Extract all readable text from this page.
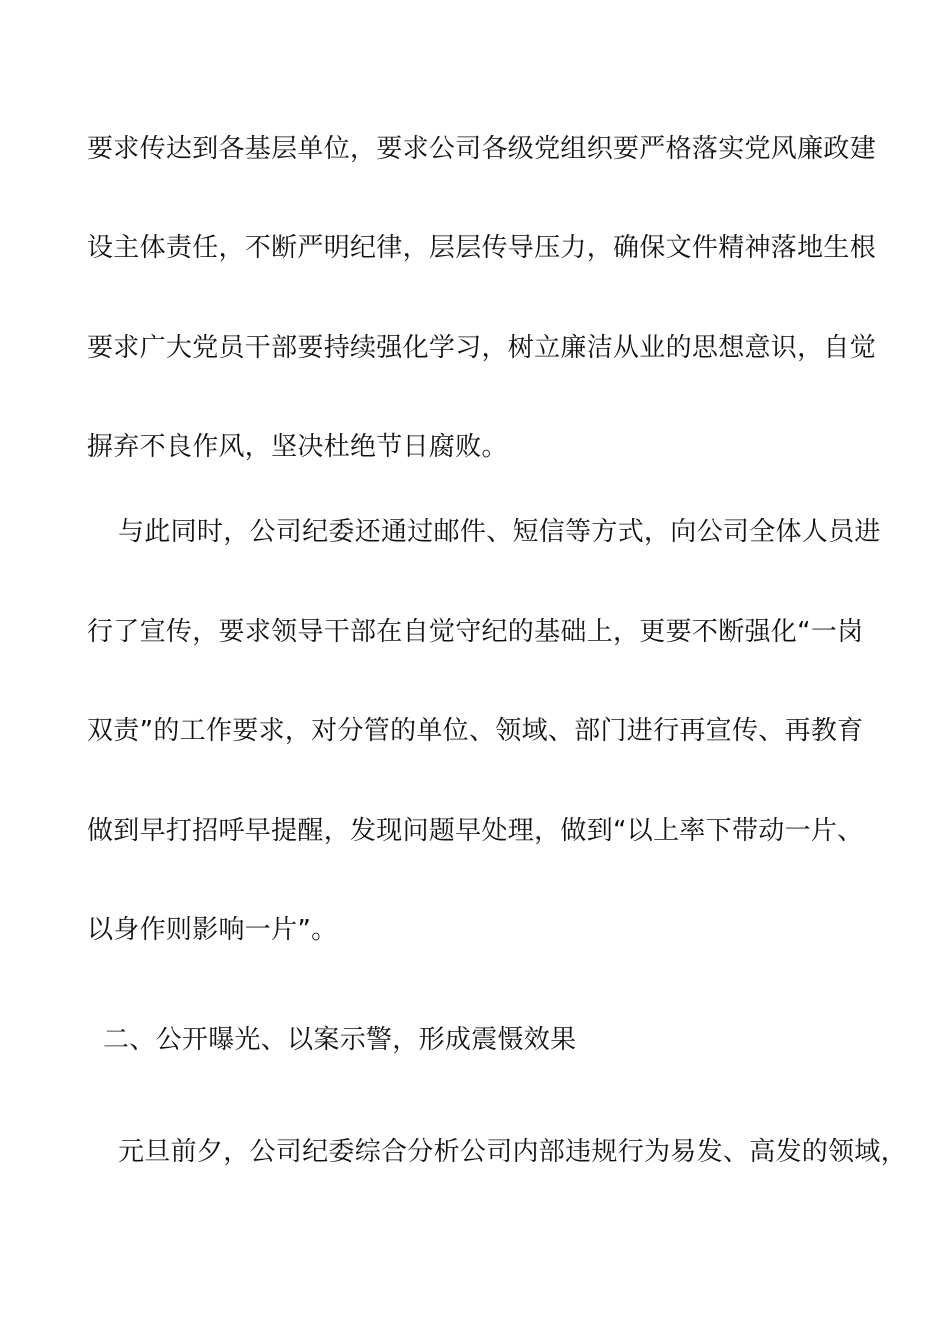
要求传达到各基层单位，要求公司各级党组织要严格落实党风廉政建
设主体责任，不断严明纪律，层层传导压力，确保文件精神落地生根
要求广大党员干部要持续强化学习，树立廉洁从业的思想意识，自觉
摒弃不良作风，坚决杜绝节日腐败。
与此同时，公司纪委还通过邮件、短信等方式，向公司全体人员进
行了宣传，要求领导干部在自觉守纪的基础上，更要不断强化“一岗
双责”的工作要求，对分管的单位、领域、部门进行再宣传、再教育
做到早打招呼早提醒，发现问题早处理，做到“以上率下带动一片、
以身作则影响一片”。
二、公开曝光、以案示警，形成震慑效果
元旦前夕，公司纪委综合分析公司内部违规行为易发、高发的领域，
